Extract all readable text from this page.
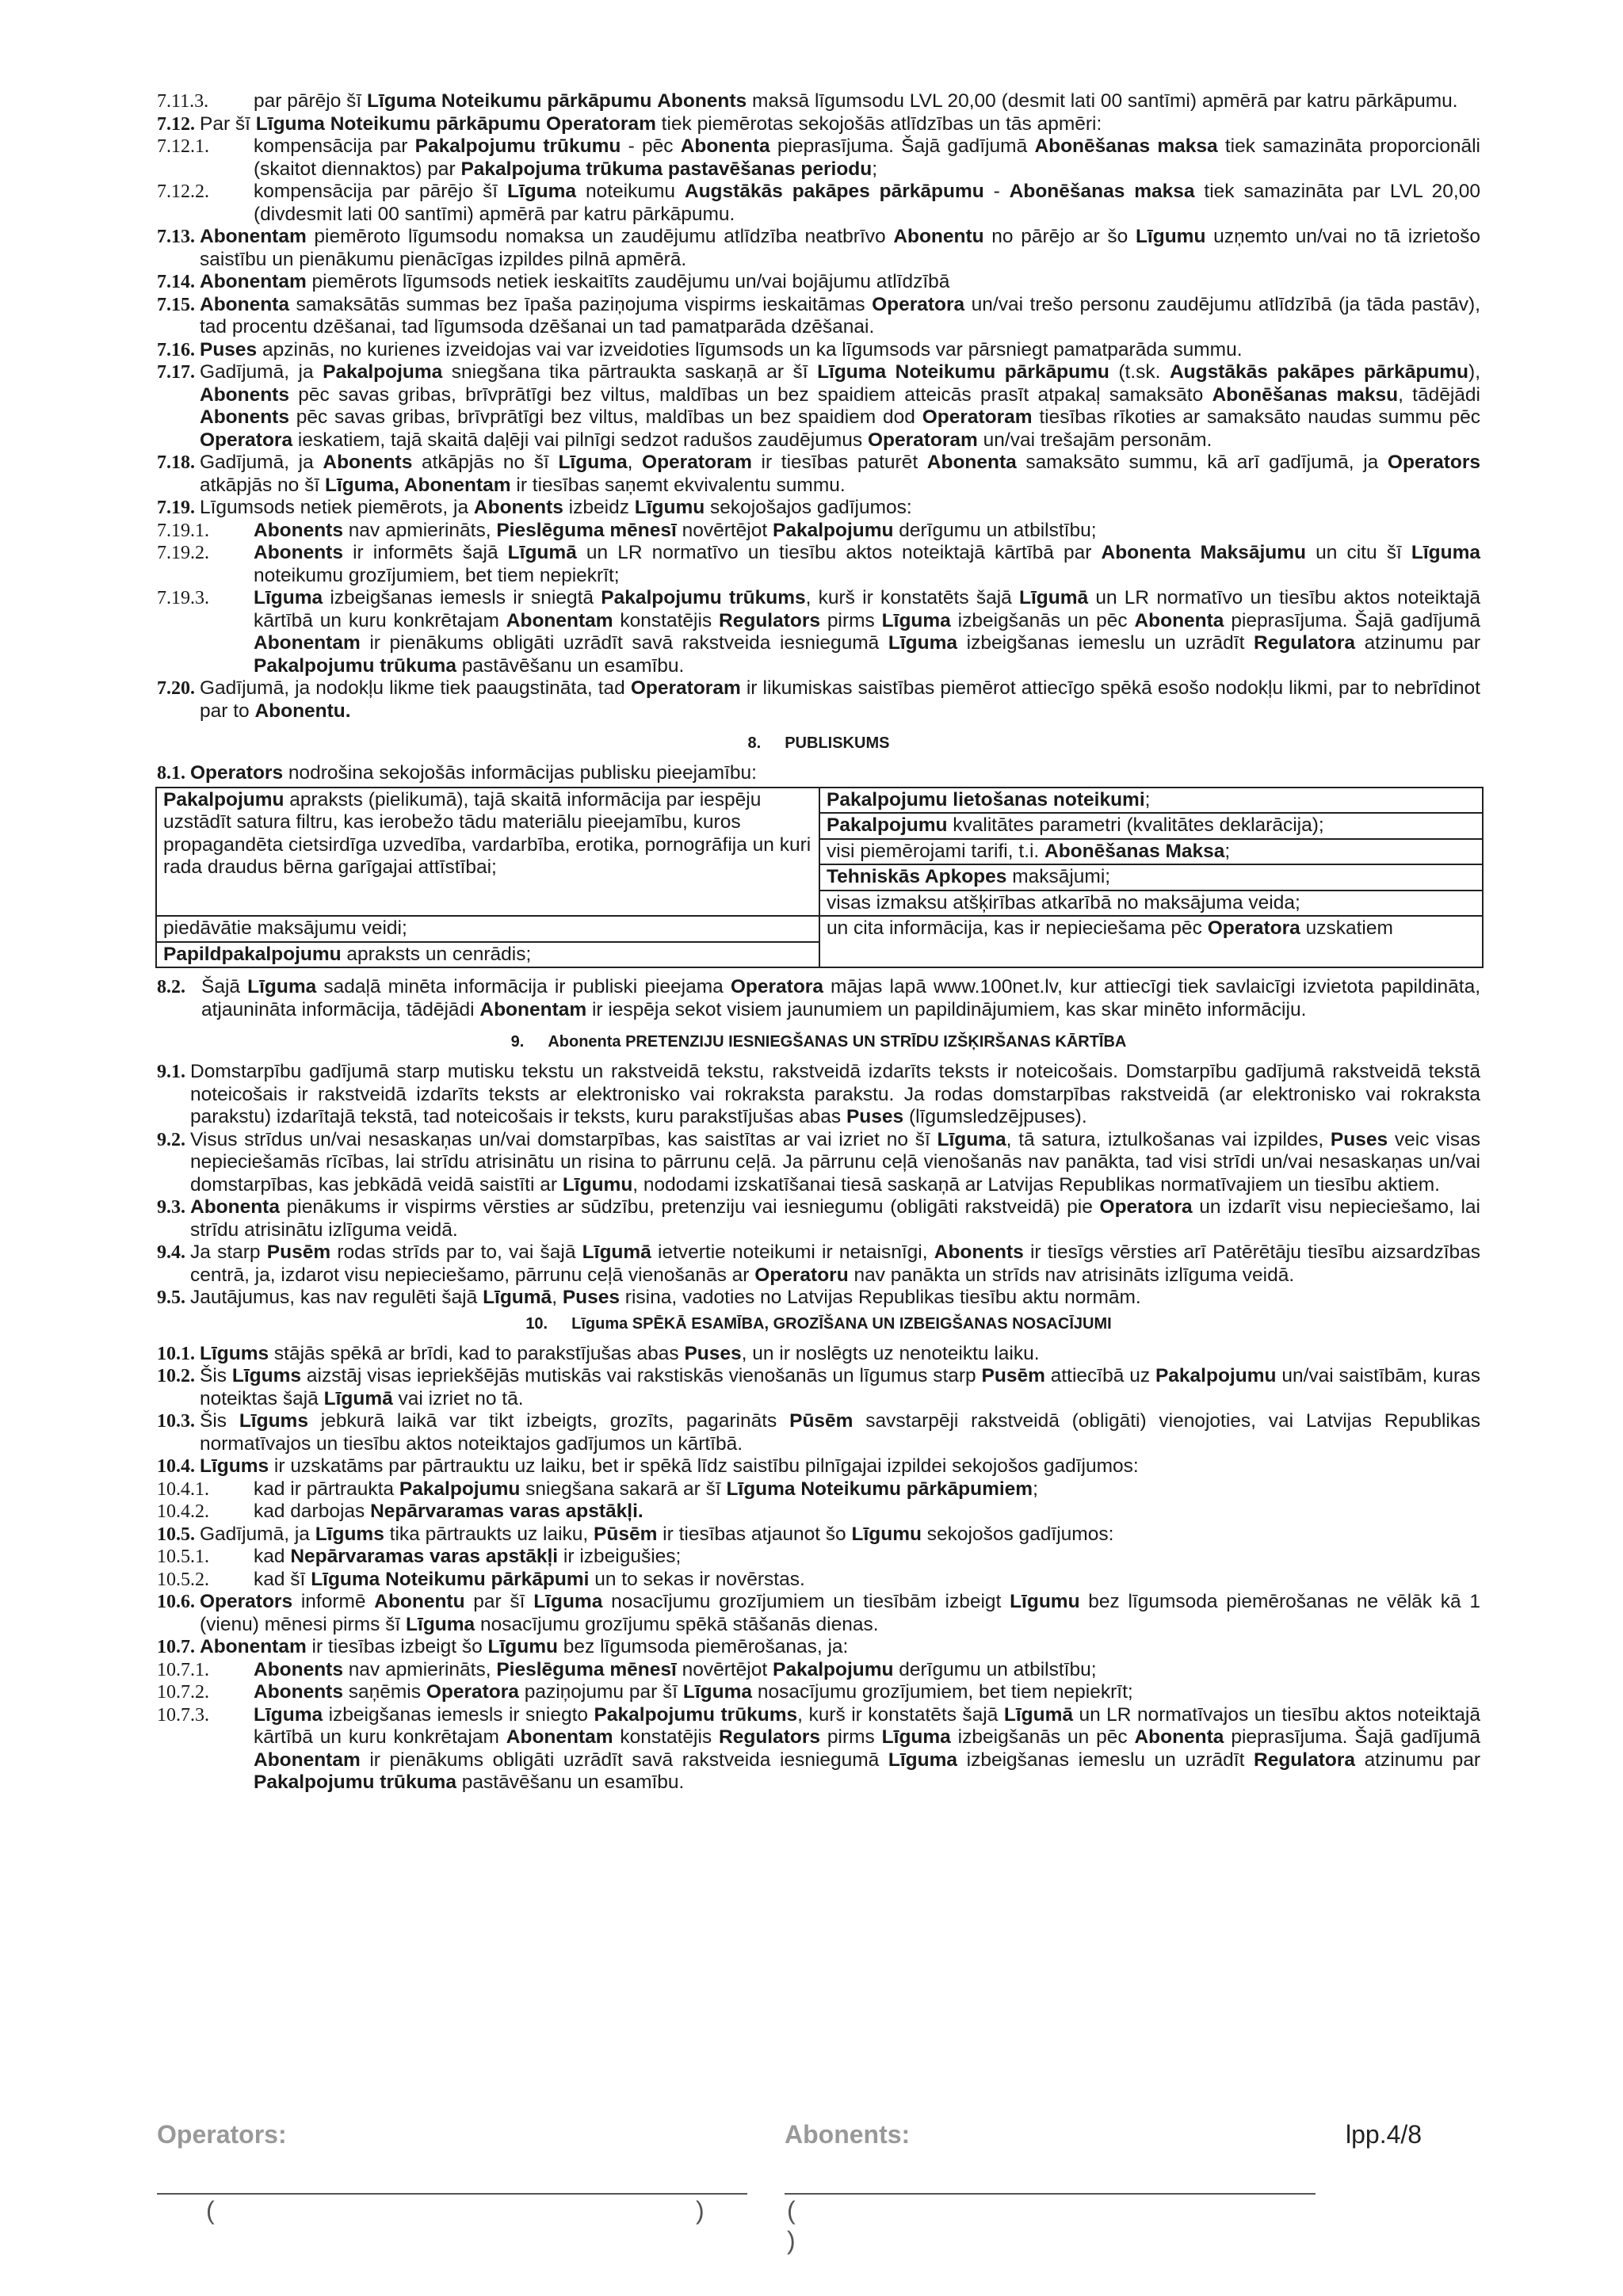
7.11.3.	par pārējo šī Līguma Noteikumu pārkāpumu Abonents maksā līgumsodu LVL 20,00 (desmit lati 00 santīmi) apmērā par katru pārkāpumu.
7.12. Par šī Līguma Noteikumu pārkāpumu Operatoram tiek piemērotas sekojošās atlīdzības un tās apmēri:
7.12.1.	kompensācija par Pakalpojumu trūkumu - pēc Abonenta pieprasījuma. Šajā gadījumā Abonēšanas maksa tiek samazināta proporcionāli (skaitot diennaktos) par Pakalpojuma trūkuma pastavēšanas periodu;
7.12.2.	kompensācija par pārējo šī Līguma noteikumu Augstākās pakāpes pārkāpumu - Abonēšanas maksa tiek samazināta par LVL 20,00 (divdesmit lati 00 santīmi) apmērā par katru pārkāpumu.
7.13. Abonentam piemēroto līgumsodu nomaksa un zaudējumu atlīdzība neatbrīvo Abonentu no pārējo ar šo Līgumu uzņemto un/vai no tā izrietošo saistību un pienākumu pienācīgas izpildes pilnā apmērā.
7.14. Abonentam piemērots līgumsods netiek ieskaitīts zaudējumu un/vai bojājumu atlīdzībā
7.15. Abonenta samaksātās summas bez īpaša paziņojuma vispirms ieskaitāmas Operatora un/vai trešo personu zaudējumu atlīdzībā (ja tāda pastāv), tad procentu dzēšanai, tad līgumsoda dzēšanai un tad pamatparāda dzēšanai.
7.16. Puses apzinās, no kurienes izveidojas vai var izveidoties līgumsods un ka līgumsods var pārsniegt pamatparāda summu.
7.17. Gadījumā, ja Pakalpojuma sniegšana tika pārtraukta saskaņā ar šī Līguma Noteikumu pārkāpumu (t.sk. Augstākās pakāpes pārkāpumu), Abonents pēc savas gribas, brīvprātīgi bez viltus, maldības un bez spaidiem atteicās prasīt atpakaļ samaksāto Abonēšanas maksu, tādējādi Abonents pēc savas gribas, brīvprātīgi bez viltus, maldības un bez spaidiem dod Operatoram tiesības rīkoties ar samaksāto naudas summu pēc Operatora ieskatiem, tajā skaitā daļēji vai pilnīgi sedzot radušos zaudējumus Operatoram un/vai trešajām personām.
7.18. Gadījumā, ja Abonents atkāpjās no šī Līguma, Operatoram ir tiesības paturēt Abonenta samaksāto summu, kā arī gadījumā, ja Operators atkāpjās no šī Līguma, Abonentam ir tiesības saņemt ekvivalentu summu.
7.19. Līgumsods netiek piemērots, ja Abonents izbeidz Līgumu sekojošajos gadījumos:
7.19.1.	Abonents nav apmierināts, Pieslēguma mēnesī novērtējot Pakalpojumu derīgumu un atbilstību;
7.19.2.	Abonents ir informēts šajā Līgumā un LR normatīvo un tiesību aktos noteiktajā kārtībā par Abonenta Maksājumu un citu šī Līguma noteikumu grozījumiem, bet tiem nepiekrīt;
7.19.3.	Līguma izbeigšanas iemesls ir sniegtā Pakalpojumu trūkums, kurš ir konstatēts šajā Līgumā un LR normatīvo un tiesību aktos noteiktajā kārtībā un kuru konkrētajam Abonentam konstatējis Regulators pirms Līguma izbeigšanās un pēc Abonenta pieprasījuma. Šajā gadījumā Abonentam ir pienākums obligāti uzrādīt savā rakstveida iesniegumā Līguma izbeigšanas iemeslu un uzrādīt Regulatora atzinumu par Pakalpojumu trūkuma pastāvēšanu un esamību.
7.20. Gadījumā, ja nodokļu likme tiek paaugstināta, tad Operatoram ir likumiskas saistības piemērot attiecīgo spēkā esošo nodokļu likmi, par to nebrīdinot par to Abonentu.
8. PUBLISKUMS
8.1. Operators nodrošina sekojošās informācijas publisku pieejamību:
Pakalpojumu apraksts (pielikumā), tajā skaitā informācija par iespēju uzstādīt satura filtru, kas ierobežo tādu materiālu pieejamību, kuros propagandēta cietsirdīga uzvedība, vardarbība, erotika, pornogrāfija un kuri rada draudus bērna garīgajai attīstībai;	Pakalpojumu lietošanas noteikumi;
	Pakalpojumu kvalitātes parametri (kvalitātes deklarācija);
	visi piemērojami tarifi, t.i. Abonēšanas Maksa;
	Tehniskās Apkopes maksājumi;
	visas izmaksu atšķirības atkarībā no maksājuma veida;
piedāvātie maksājumu veidi;	un cita informācija, kas ir nepieciešama pēc Operatora uzskatiem
Papildpakalpojumu apraksts un cenrādis;	
8.2. Šajā Līguma sadaļā minēta informācija ir publiski pieejama Operatora mājas lapā www.100net.lv, kur attiecīgi tiek savlaicīgi izvietota papildināta, atjaunināta informācija, tādējādi Abonentam ir iespēja sekot visiem jaunumiem un papildinājumiem, kas skar minēto informāciju.
9. Abonenta PRETENZIJU IESNIEGŠANAS UN STRĪDU IZŠĶIRŠANAS KĀRTĪBA
9.1. Domstarpību gadījumā starp mutisku tekstu un rakstveidā tekstu, rakstveidā izdarīts teksts ir noteicošais. Domstarpību gadījumā rakstveidā tekstā noteicošais ir rakstveidā izdarīts teksts ar elektronisko vai rokraksta parakstu. Ja rodas domstarpības rakstveidā (ar elektronisko vai rokraksta parakstu) izdarītajā tekstā, tad noteicošais ir teksts, kuru parakstījušas abas Puses (līgumsledzējpuses).
9.2. Visus strīdus un/vai nesaskaņas un/vai domstarpības, kas saistītas ar vai izriet no šī Līguma, tā satura, iztulkošanas vai izpildes, Puses veic visas nepieciešamās rīcības, lai strīdu atrisinātu un risina to pārrunu ceļā. Ja pārrunu ceļā vienošanās nav panākta, tad visi strīdi un/vai nesaskaņas un/vai domstarpības, kas jebkādā veidā saistīti ar Līgumu, nododami izskatīšanai tiesā saskaņā ar Latvijas Republikas normatīvajiem un tiesību aktiem.
9.3. Abonenta pienākums ir vispirms vērsties ar sūdzību, pretenziju vai iesniegumu (obligāti rakstveidā) pie Operatora un izdarīt visu nepieciešamo, lai strīdu atrisinātu izlīguma veidā.
9.4. Ja starp Pusēm rodas strīds par to, vai šajā Līgumā ietvertie noteikumi ir netaisnīgi, Abonents ir tiesīgs vērsties arī Patērētāju tiesību aizsardzības centrā, ja, izdarot visu nepieciešamo, pārrunu ceļā vienošanās ar Operatoru nav panākta un strīds nav atrisināts izlīguma veidā.
9.5. Jautājumus, kas nav regulēti šajā Līgumā, Puses risina, vadoties no Latvijas Republikas tiesību aktu normām.
10. Līguma SPĒKĀ ESAMĪBA, GROZĪŠANA UN IZBEIGŠANAS NOSACĪJUMI
10.1. Līgums stājās spēkā ar brīdi, kad to parakstījušas abas Puses, un ir noslēgts uz nenoteiktu laiku.
10.2. Šis Līgums aizstāj visas iepriekšējās mutiskās vai rakstiskās vienošanās un līgumus starp Pusēm attiecībā uz Pakalpojumu un/vai saistībām, kuras noteiktas šajā Līgumā vai izriet no tā.
10.3. Šis Līgums jebkurā laikā var tikt izbeigts, grozīts, pagarināts Pūsēm savstarpēji rakstveidā (obligāti) vienojoties, vai Latvijas Republikas normatīvajos un tiesību aktos noteiktajos gadījumos un kārtībā.
10.4. Līgums ir uzskatāms par pārtrauktu uz laiku, bet ir spēkā līdz saistību pilnīgajai izpildei sekojošos gadījumos:
10.4.1.	kad ir pārtraukta Pakalpojumu sniegšana sakarā ar šī Līguma Noteikumu pārkāpumiem;
10.4.2.	kad darbojas Nepārvaramas varas apstākļi.
10.5. Gadījumā, ja Līgums tika pārtraukts uz laiku, Pūsēm ir tiesības atjaunot šo Līgumu sekojošos gadījumos:
10.5.1.	kad Nepārvaramas varas apstākļi ir izbeigušies;
10.5.2.	kad šī Līguma Noteikumu pārkāpumi un to sekas ir novērstas.
10.6. Operators informē Abonentu par šī Līguma nosacījumu grozījumiem un tiesībām izbeigt Līgumu bez līgumsoda piemērošanas ne vēlāk kā 1 (vienu) mēnesi pirms šī Līguma nosacījumu grozījumu spēkā stāšanās dienas.
10.7. Abonentam ir tiesības izbeigt šo Līgumu bez līgumsoda piemērošanas, ja:
10.7.1.	Abonents nav apmierināts, Pieslēguma mēnesī novērtējot Pakalpojumu derīgumu un atbilstību;
10.7.2.	Abonents saņēmis Operatora paziņojumu par šī Līguma nosacījumu grozījumiem, bet tiem nepiekrīt;
10.7.3.	Līguma izbeigšanas iemesls ir sniegto Pakalpojumu trūkums, kurš ir konstatēts šajā Līgumā un LR normatīvajos un tiesību aktos noteiktajā kārtībā un kuru konkrētajam Abonentam konstatējis Regulators pirms Līguma izbeigšanās un pēc Abonenta pieprasījuma. Šajā gadījumā Abonentam ir pienākums obligāti uzrādīt savā rakstveida iesniegumā Līguma izbeigšanas iemeslu un uzrādīt Regulatora atzinumu par Pakalpojumu trūkuma pastāvēšanu un esamību.
Operators:	Abonents:	lpp.4/8
(	)	(
)
